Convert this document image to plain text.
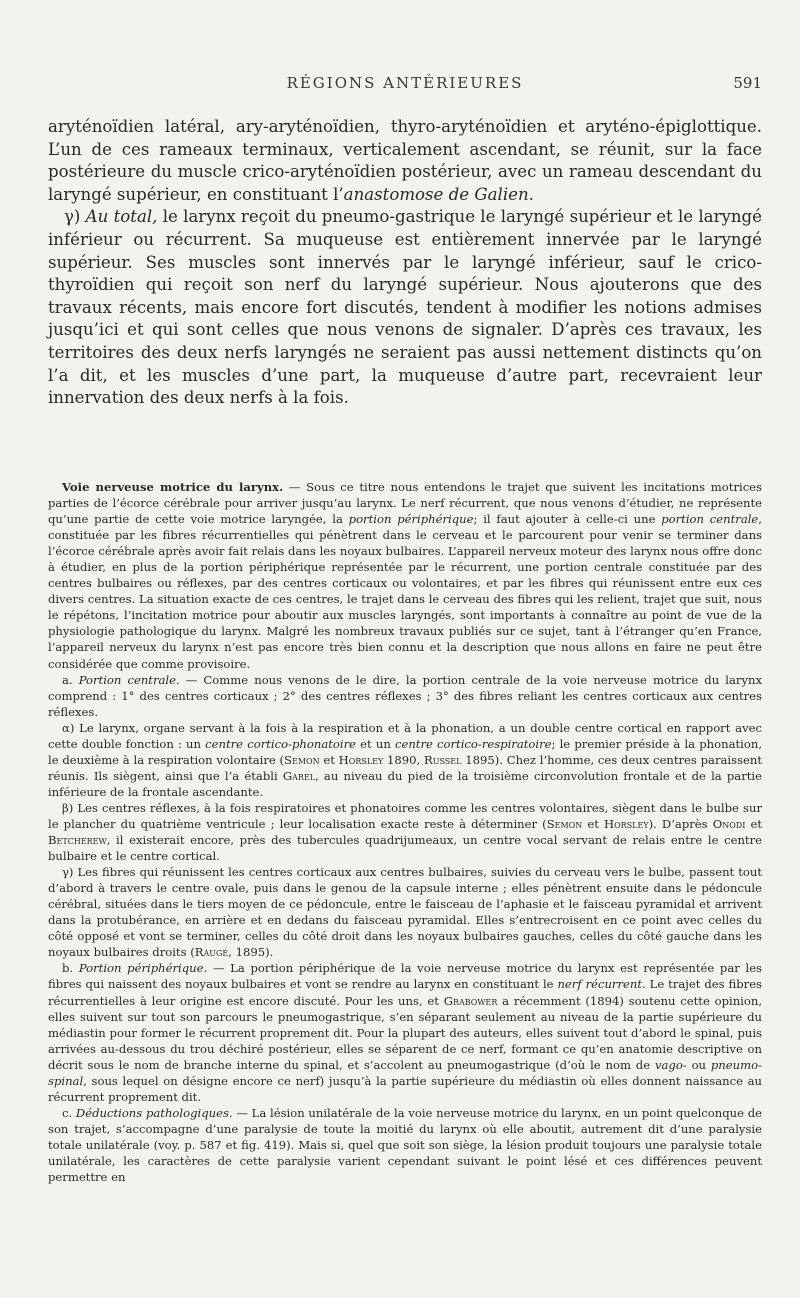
RÉGIONS ANTÉRIEURES	591

aryténoïdien latéral, ary-aryténoïdien, thyro-aryténoïdien et aryténo-épiglottique. L’un de ces rameaux terminaux, verticalement ascendant, se réunit, sur la face postérieure du muscle crico-aryténoïdien postérieur, avec un rameau descendant du laryngé supérieur, en constituant l’anastomose de Galien.

γ) Au total, le larynx reçoit du pneumo-gastrique le laryngé supérieur et le laryngé inférieur ou récurrent. Sa muqueuse est entièrement innervée par le laryngé supérieur. Ses muscles sont innervés par le laryngé inférieur, sauf le crico-thyroïdien qui reçoit son nerf du laryngé supérieur. Nous ajouterons que des travaux récents, mais encore fort discutés, tendent à modifier les notions admises jusqu’ici et qui sont celles que nous venons de signaler. D’après ces travaux, les territoires des deux nerfs laryngés ne seraient pas aussi nettement distincts qu’on l’a dit, et les muscles d’une part, la muqueuse d’autre part, recevraient leur innervation des deux nerfs à la fois.

Voie nerveuse motrice du larynx. — Sous ce titre nous entendons le trajet que suivent les incitations motrices parties de l’écorce cérébrale pour arriver jusqu’au larynx. Le nerf récurrent, que nous venons d’étudier, ne représente qu’une partie de cette voie motrice laryngée, la portion périphérique; il faut ajouter à celle-ci une portion centrale, constituée par les fibres récurrentielles qui pénètrent dans le cerveau et le parcourent pour venir se terminer dans l’écorce cérébrale après avoir fait relais dans les noyaux bulbaires. L’appareil nerveux moteur des larynx nous offre donc à étudier, en plus de la portion périphérique représentée par le récurrent, une portion centrale constituée par des centres bulbaires ou réflexes, par des centres corticaux ou volontaires, et par les fibres qui réunissent entre eux ces divers centres. La situation exacte de ces centres, le trajet dans le cerveau des fibres qui les relient, trajet que suit, nous le répétons, l’incitation motrice pour aboutir aux muscles laryngés, sont importants à connaître au point de vue de la physiologie pathologique du larynx. Malgré les nombreux travaux publiés sur ce sujet, tant à l’étranger qu’en France, l’appareil nerveux du larynx n’est pas encore très bien connu et la description que nous allons en faire ne peut être considérée que comme provisoire.

a. Portion centrale. — Comme nous venons de le dire, la portion centrale de la voie nerveuse motrice du larynx comprend : 1° des centres corticaux ; 2° des centres réflexes ; 3° des fibres reliant les centres corticaux aux centres réflexes.

α) Le larynx, organe servant à la fois à la respiration et à la phonation, a un double centre cortical en rapport avec cette double fonction : un centre cortico-phonatoire et un centre cortico-respiratoire; le premier préside à la phonation, le deuxième à la respiration volontaire (Semon et Horsley 1890, Russel 1895). Chez l’homme, ces deux centres paraissent réunis. Ils siègent, ainsi que l’a établi Garel, au niveau du pied de la troisième circonvolution frontale et de la partie inférieure de la frontale ascendante.

β) Les centres réflexes, à la fois respiratoires et phonatoires comme les centres volontaires, siègent dans le bulbe sur le plancher du quatrième ventricule ; leur localisation exacte reste à déterminer (Semon et Horsley). D’après Onodi et Betcherew, il existerait encore, près des tubercules quadrijumeaux, un centre vocal servant de relais entre le centre bulbaire et le centre cortical.

γ) Les fibres qui réunissent les centres corticaux aux centres bulbaires, suivies du cerveau vers le bulbe, passent tout d’abord à travers le centre ovale, puis dans le genou de la capsule interne ; elles pénètrent ensuite dans le pédoncule cérébral, situées dans le tiers moyen de ce pédoncule, entre le faisceau de l’aphasie et le faisceau pyramidal et arrivent dans la protubérance, en arrière et en dedans du faisceau pyramidal. Elles s’entrecroisent en ce point avec celles du côté opposé et vont se terminer, celles du côté droit dans les noyaux bulbaires gauches, celles du côté gauche dans les noyaux bulbaires droits (Raugé, 1895).

b. Portion périphérique. — La portion périphérique de la voie nerveuse motrice du larynx est représentée par les fibres qui naissent des noyaux bulbaires et vont se rendre au larynx en constituant le nerf récurrent. Le trajet des fibres récurrentielles à leur origine est encore discuté. Pour les uns, et Grabower a récemment (1894) soutenu cette opinion, elles suivent sur tout son parcours le pneumogastrique, s’en séparant seulement au niveau de la partie supérieure du médiastin pour former le récurrent proprement dit. Pour la plupart des auteurs, elles suivent tout d’abord le spinal, puis arrivées au-dessous du trou déchiré postérieur, elles se séparent de ce nerf, formant ce qu’en anatomie descriptive on décrit sous le nom de branche interne du spinal, et s’accolent au pneumogastrique (d’où le nom de vago- ou pneumo-spinal, sous lequel on désigne encore ce nerf) jusqu’à la partie supérieure du médiastin où elles donnent naissance au récurrent proprement dit.

c. Déductions pathologiques. — La lésion unilatérale de la voie nerveuse motrice du larynx, en un point quelconque de son trajet, s’accompagne d’une paralysie de toute la moitié du larynx où elle aboutit, autrement dit d’une paralysie totale unilatérale (voy. p. 587 et fig. 419). Mais si, quel que soit son siège, la lésion produit toujours une paralysie totale unilatérale, les caractères de cette paralysie varient cependant suivant le point lésé et ces différences peuvent permettre en
